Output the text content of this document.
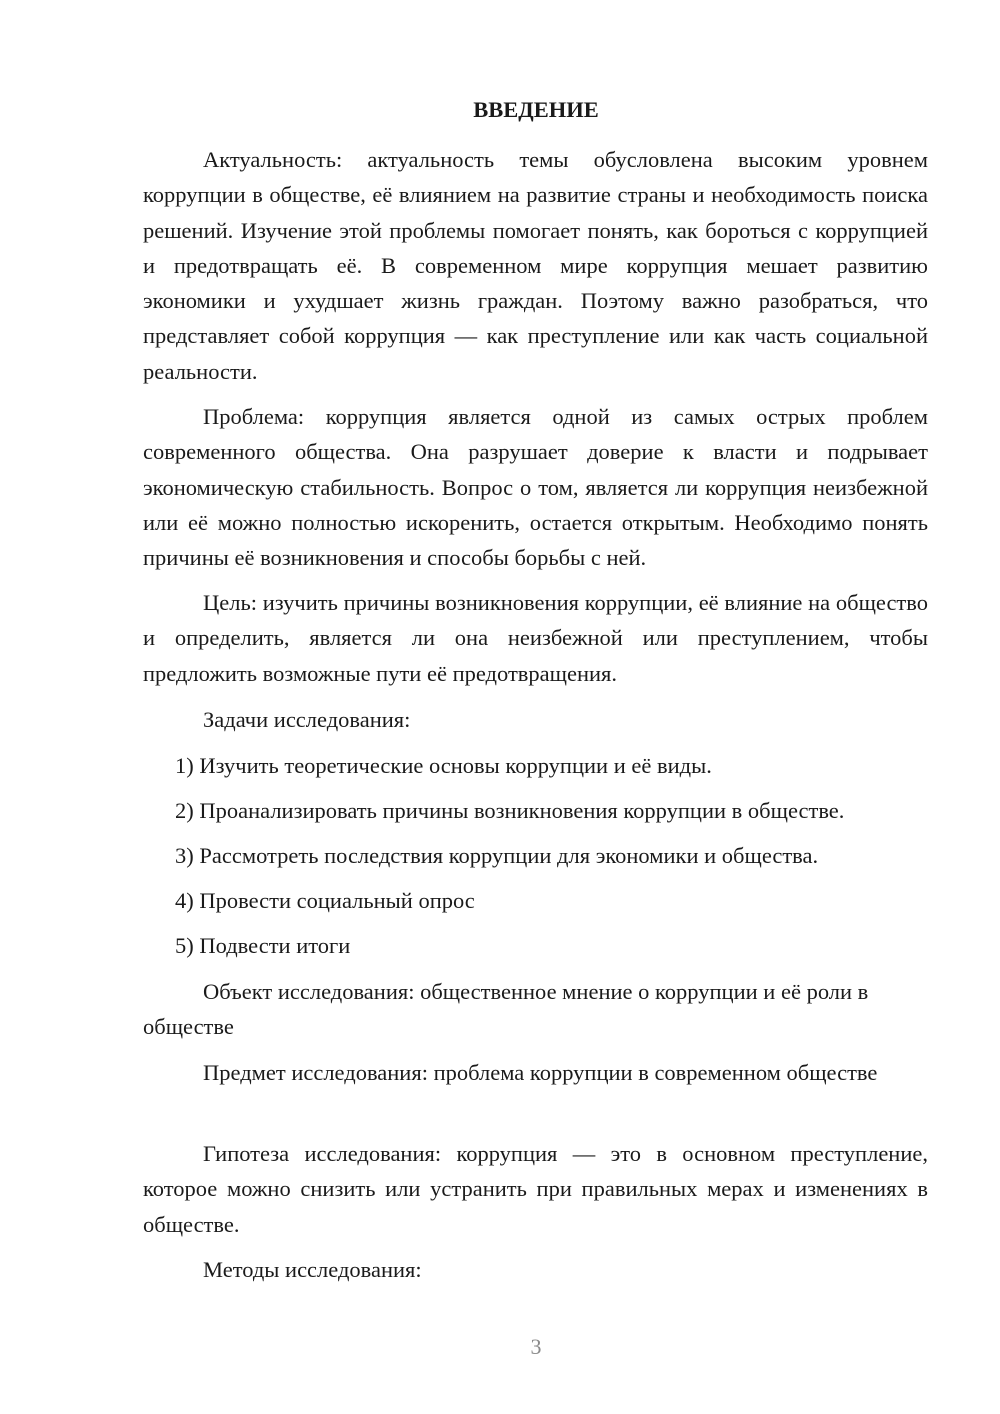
ВВЕДЕНИЕ

Актуальность: актуальность темы обусловлена высоким уровнем коррупции в обществе, её влиянием на развитие страны и необходимость поиска решений. Изучение этой проблемы помогает понять, как бороться с коррупцией и предотвращать её. В современном мире коррупция мешает развитию экономики и ухудшает жизнь граждан. Поэтому важно разобраться, что представляет собой коррупция — как преступление или как часть социальной реальности.

Проблема: коррупция является одной из самых острых проблем современного общества. Она разрушает доверие к власти и подрывает экономическую стабильность. Вопрос о том, является ли коррупция неизбежной или её можно полностью искоренить, остается открытым. Необходимо понять причины её возникновения и способы борьбы с ней.

Цель: изучить причины возникновения коррупции, её влияние на общество и определить, является ли она неизбежной или преступлением, чтобы предложить возможные пути её предотвращения.

Задачи исследования:

1) Изучить теоретические основы коррупции и её виды.

2) Проанализировать причины возникновения коррупции в обществе.

3) Рассмотреть последствия коррупции для экономики и общества.

4) Провести социальный опрос

5) Подвести итоги

Объект исследования: общественное мнение о коррупции и её роли в обществе

Предмет исследования: проблема коррупции в современном обществе

Гипотеза исследования: коррупция — это в основном преступление, которое можно снизить или устранить при правильных мерах и изменениях в обществе.

Методы исследования:

3
